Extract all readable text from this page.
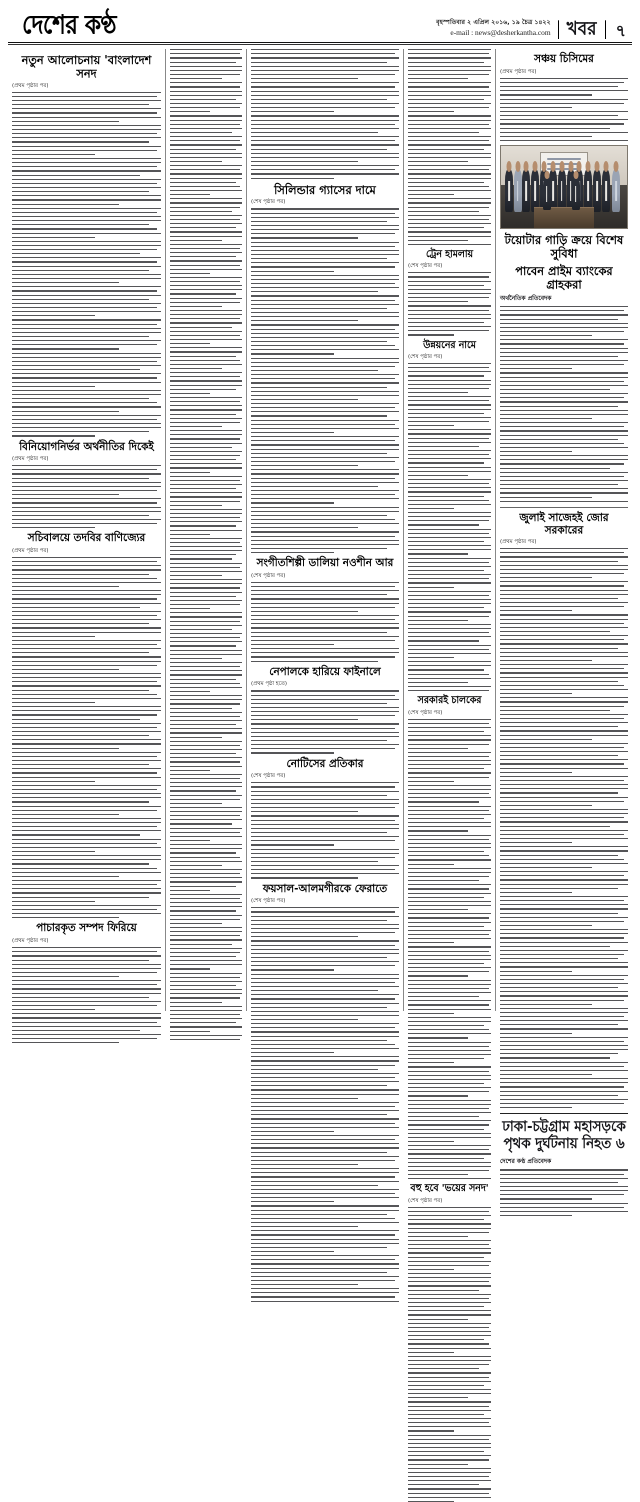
দেশের কণ্ঠ	বৃহস্পতিবার ২ এপ্রিল ২০১৬, ১৯ চৈত্র ১৪২২
e-mail : news@desherkantha.com খবর	৭
নতুন আলোচনায় 'বাংলাদেশ সনদ
(প্রথম পৃষ্ঠার পর)
বিনিয়োগনির্ভর অর্থনীতির দিকেই
(প্রথম পৃষ্ঠার পর)
সচিবালয়ে তদবির বাণিজ্যের
(প্রথম পৃষ্ঠার পর)
পাচারকৃত সম্পদ ফিরিয়ে
(প্রথম পৃষ্ঠার পর)
সিলিন্ডার গ্যাসের দামে
(শেষ পৃষ্ঠার পর)
সংগীতশিল্পী ডালিয়া নওশীন আর
(শেষ পৃষ্ঠার পর)
নেপালকে হারিয়ে ফাইনালে
(প্রথম পৃষ্ঠা হতে)
নোটিসের প্রতিকার
(শেষ পৃষ্ঠার পর)
ফয়সাল-আলমগীরকে ফেরাতে
(শেষ পৃষ্ঠার পর)
ট্রেন হামলায়
(শেষ পৃষ্ঠার পর)
উন্নয়নের নামে
(শেষ পৃষ্ঠার পর)
সরকারই চালকের
(শেষ পৃষ্ঠার পর)
বহু হবে 'ভয়ের সনদ'
(শেষ পৃষ্ঠার পর)
সঞ্চয় চিসিমের
(প্রথম পৃষ্ঠার পর)
টয়োটার গাড়ি ক্রয়ে বিশেষ সুবিধা
পাবেন প্রাইম ব্যাংকের গ্রাহকরা
অর্থনৈতিক প্রতিবেদক
জুলাই সাজেহই জোর সরকারের
(প্রথম পৃষ্ঠার পর)
ঢাকা-চট্টগ্রাম মহাসড়কে
পৃথক দুর্ঘটনায় নিহত ৬
দেশের কণ্ঠ প্রতিবেদক
